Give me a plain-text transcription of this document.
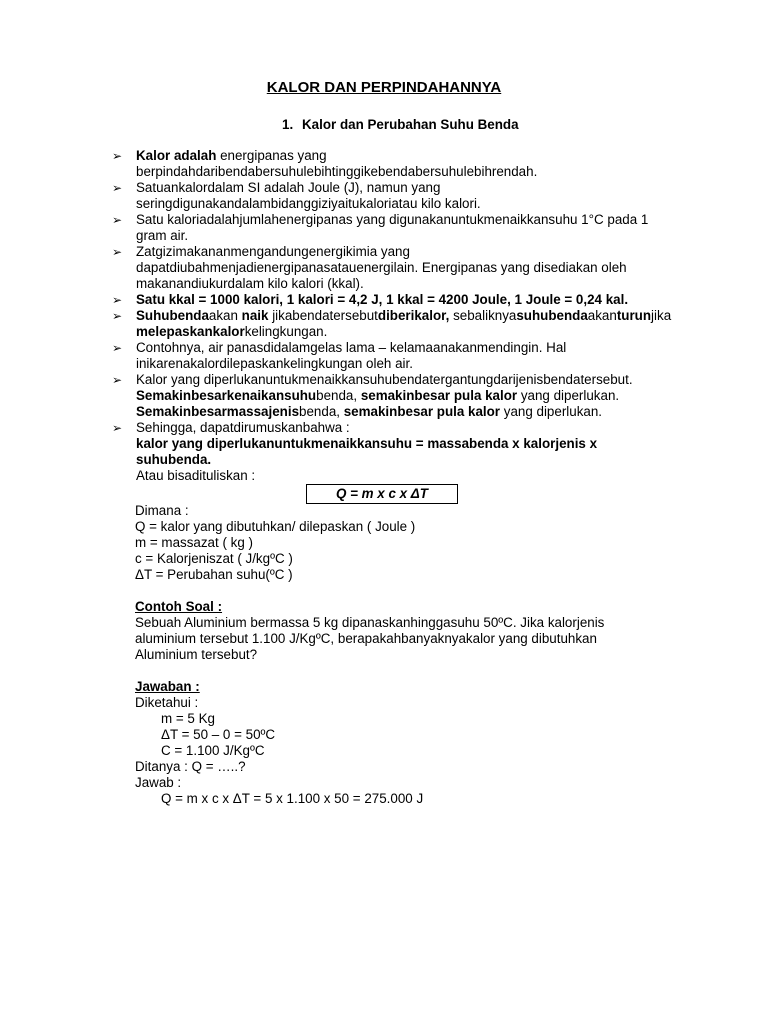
KALOR DAN PERPINDAHANNYA
1. Kalor dan Perubahan Suhu Benda
➢ Kalor adalah energipanas yang berpindahdaribendabersuhulebihtinggikebendabersuhulebihrendah.
➢ Satuankalordalam SI adalah Joule (J), namun yang seringdigunakandalambidanggiziyaitukaloriatau kilo kalori.
➢ Satu kaloriadalahjumlahenergipanas yang digunakanuntukmenaikkansuhu 1°C pada 1 gram air.
➢ Zatgizimakananmengandungenergikimia yang dapatdiubahmenjadienergipanasatauenergilain. Energipanas yang disediakan oleh makanandiukurdalam kilo kalori (kkal).
➢ Satu kkal = 1000 kalori, 1 kalori = 4,2 J, 1 kkal = 4200 Joule, 1 Joule = 0,24 kal.
➢ Suhubendaakan naik jikabendatersebutdiberikalor, sebaliknyasuhubendaakanturunjikamelepaskankalorkelingkungan.
➢ Contohnya, air panasdidalamgelas lama – kelamaanakanmendingin. Hal inikarenakalordilepaskankelingkungan oleh air.
➢ Kalor yang diperlukanuntukmenaikkansuhubendatergantungdarijenisbendatersebut.
Semakinbesarkenaikansuhubenda, semakinbesar pula kalor yang diperlukan.
Semakinbesarmassajenisbenda, semakinbesar pula kalor yang diperlukan.
➢ Sehingga, dapatdirumuskanbahwa :
kalor yang diperlukanuntukmenaikkansuhu = massabenda x kalorjenis x suhubenda.
Atau bisadituliskan :
Q = m x c x ΔT
Dimana :
Q = kalor yang dibutuhkan/ dilepaskan ( Joule )
m = massazat ( kg )
c = Kalorjeniszat ( J/kgºC )
ΔT = Perubahan suhu(ºC )
Contoh Soal :
Sebuah Aluminium bermassa 5 kg dipanaskanhinggasuhu 50ºC. Jika kalorjenis
aluminium tersebut 1.100 J/KgºC, berapakahbanyaknyakalor yang dibutuhkan
Aluminium tersebut?
Jawaban :
Diketahui :
m = 5 Kg
ΔT = 50 – 0 = 50ºC
C = 1.100 J/KgºC
Ditanya : Q = …..?
Jawab :
Q = m x c x ΔT = 5 x 1.100 x 50 = 275.000 J
